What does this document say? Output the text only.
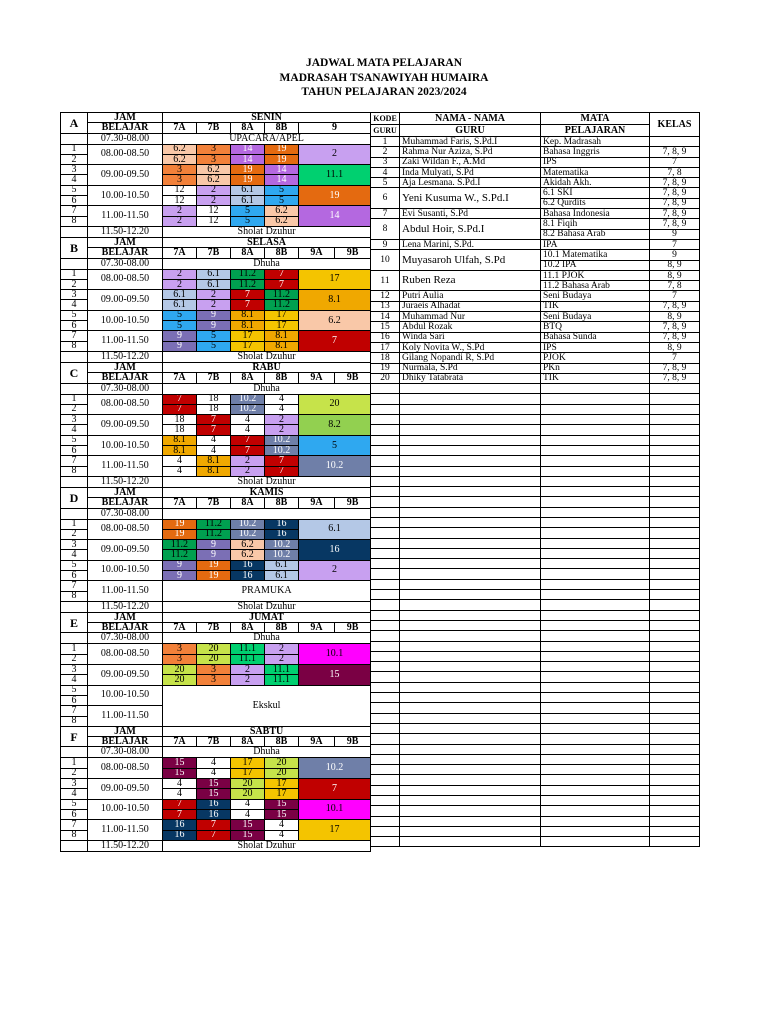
JADWAL MATA PELAJARAN
MADRASAH TSANAWIYAH HUMAIRA
TAHUN PELAJARAN 2023/2024
A	JAM	SENIN					
	BELAJAR	7A	7B	8A	8B	9	
	07.30-08.00	UPACARA/APEL					
1	08.00-08.50	6.2	3	14	19	2	
2		6.2	3	14	19		
3	09.00-09.50	3	6.2	19	14	11.1	
4		3	6.2	19	14		
5	10.00-10.50	12	2	6.1	5	19	
6		12	2	6.1	5		
7	11.00-11.50	2	12	5	6.2	14	
8		2	12	5	6.2		
	11.50-12.20	Sholat Dzuhur					
B	JAM	SELASA					
	BELAJAR	7A	7B	8A	8B	9A	9B
	07.30-08.00	Dhuha					
1	08.00-08.50	2	6.1	11.2	7	17	
2		2	6.1	11.2	7		
3	09.00-09.50	6.1	2	7	11.2	8.1	
4		6.1	2	7	11.2		
5	10.00-10.50	5	9	8.1	17	6.2	
6		5	9	8.1	17		
7	11.00-11.50	9	5	17	8.1	7	
8		9	5	17	8.1		
	11.50-12.20	Sholat Dzuhur					
C	JAM	RABU					
	BELAJAR	7A	7B	8A	8B	9A	9B
	07.30-08.00	Dhuha					
1	08.00-08.50	7	18	10.2	4	20	
2		7	18	10.2	4		
3	09.00-09.50	18	7	4	2	8.2	
4		18	7	4	2		
5	10.00-10.50	8.1	4	7	10.2	5	
6		8.1	4	7	10.2		
7	11.00-11.50	4	8.1	2	7	10.2	
8		4	8.1	2	7		
	11.50-12.20	Sholat Dzuhur					
D	JAM	KAMIS					
	BELAJAR	7A	7B	8A	8B	9A	9B
	07.30-08.00						
1	08.00-08.50	19	11.2	10.2	16	6.1	
2		19	11.2	10.2	16		
3	09.00-09.50	11.2	9	6.2	10.2	16	
4		11.2	9	6.2	10.2		
5	10.00-10.50	9	19	16	6.1	2	
6		9	19	16	6.1		
7	11.00-11.50	PRAMUKA					
8							
	11.50-12.20	Sholat Dzuhur					
E	JAM	JUMAT					
	BELAJAR	7A	7B	8A	8B	9A	9B
	07.30-08.00	Dhuha					
1	08.00-08.50	3	20	11.1	2	10.1	
2		3	20	11.1	2		
3	09.00-09.50	20	3	2	11.1	15	
4		20	3	2	11.1		
5	10.00-10.50	Ekskul					
6							
7	11.00-11.50						
8							
F	JAM	SABTU					
	BELAJAR	7A	7B	8A	8B	9A	9B
	07.30-08.00	Dhuha					
1	08.00-08.50	15	4	17	20	10.2	
2		15	4	17	20		
3	09.00-09.50	4	15	20	17	7	
4		4	15	20	17		
5	10.00-10.50	7	16	4	15	10.1	
6		7	16	4	15		
7	11.00-11.50	16	7	15	4	17	
8		16	7	15	4		
	11.50-12.20	Sholat Dzuhur					
KODE	NAMA - NAMA	MATA	KELAS
GURU	GURU	PELAJARAN	
1	Muhammad Faris, S.Pd.I	Kep. Madrasah	
2	Rahma Nur Aziza, S.Pd	Bahasa Inggris	7, 8, 9
3	Zaki Wildan F., A.Md	IPS	7
4	Inda Mulyati, S.Pd	Matematika	7, 8
5	Aja Lesmana. S.Pd.I	Akidah Akh.	7, 8, 9
6	Yeni Kusuma W., S.Pd.I	6.1 SKI	7, 8, 9
		6.2 Qurdits	7, 8, 9
7	Evi Susanti, S.Pd	Bahasa Indonesia	7, 8, 9
8	Abdul Hoir, S.Pd.I	8.1 Fiqih	7, 8, 9
		8.2 Bahasa Arab	9
9	Lena Marini, S.Pd.	IPA	7
10	Muyasaroh Ulfah, S.Pd	10.1 Matematika	9
		10.2 IPA	8, 9
11	Ruben Reza	11.1 PJOK	8, 9
		11.2 Bahasa Arab	7, 8
12	Putri Aulia	Seni Budaya	7
13	Juraeis Alhadat	TIK	7, 8, 9
14	Muhammad Nur	Seni Budaya	8, 9
15	Abdul Rozak	BTQ	7, 8, 9
16	Winda Sari	Bahasa Sunda	7, 8, 9
17	Koly Novita W., S.Pd	IPS	8, 9
18	Gilang Nopandi R, S.Pd	PJOK	7
19	Nurmala, S.Pd	PKn	7, 8, 9
20	Dhiky Tatabrata	TIK	7, 8, 9
